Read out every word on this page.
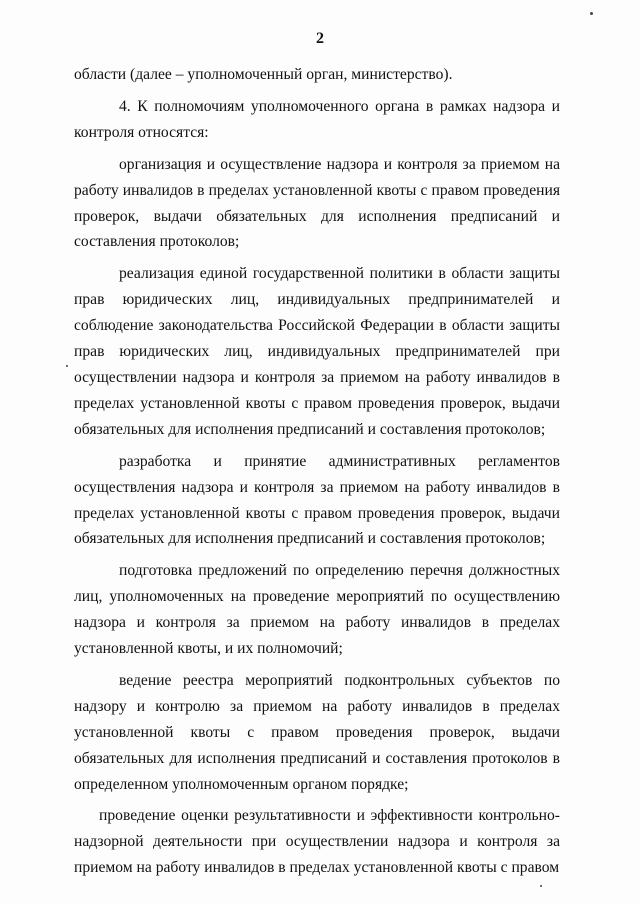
2

области (далее – уполномоченный орган, министерство).

4. К полномочиям уполномоченного органа в рамках надзора и контроля относятся:

организация и осуществление надзора и контроля за приемом на работу инвалидов в пределах установленной квоты с правом проведения проверок, выдачи обязательных для исполнения предписаний и составления протоколов;

реализация единой государственной политики в области защиты прав юридических лиц, индивидуальных предпринимателей и соблюдение законодательства Российской Федерации в области защиты прав юридических лиц, индивидуальных предпринимателей при осуществлении надзора и контроля за приемом на работу инвалидов в пределах установленной квоты с правом проведения проверок, выдачи обязательных для исполнения предписаний и составления протоколов;

разработка и принятие административных регламентов осуществления надзора и контроля за приемом на работу инвалидов в пределах установленной квоты с правом проведения проверок, выдачи обязательных для исполнения предписаний и составления протоколов;

подготовка предложений по определению перечня должностных лиц, уполномоченных на проведение мероприятий по осуществлению надзора и контроля за приемом на работу инвалидов в пределах установленной квоты, и их полномочий;

ведение реестра мероприятий подконтрольных субъектов по надзору и контролю за приемом на работу инвалидов в пределах установленной квоты с правом проведения проверок, выдачи обязательных для исполнения предписаний и составления протоколов в определенном уполномоченным органом порядке;

проведение оценки результативности и эффективности контрольно-надзорной деятельности при осуществлении надзора и контроля за приемом на работу инвалидов в пределах установленной квоты с правом
